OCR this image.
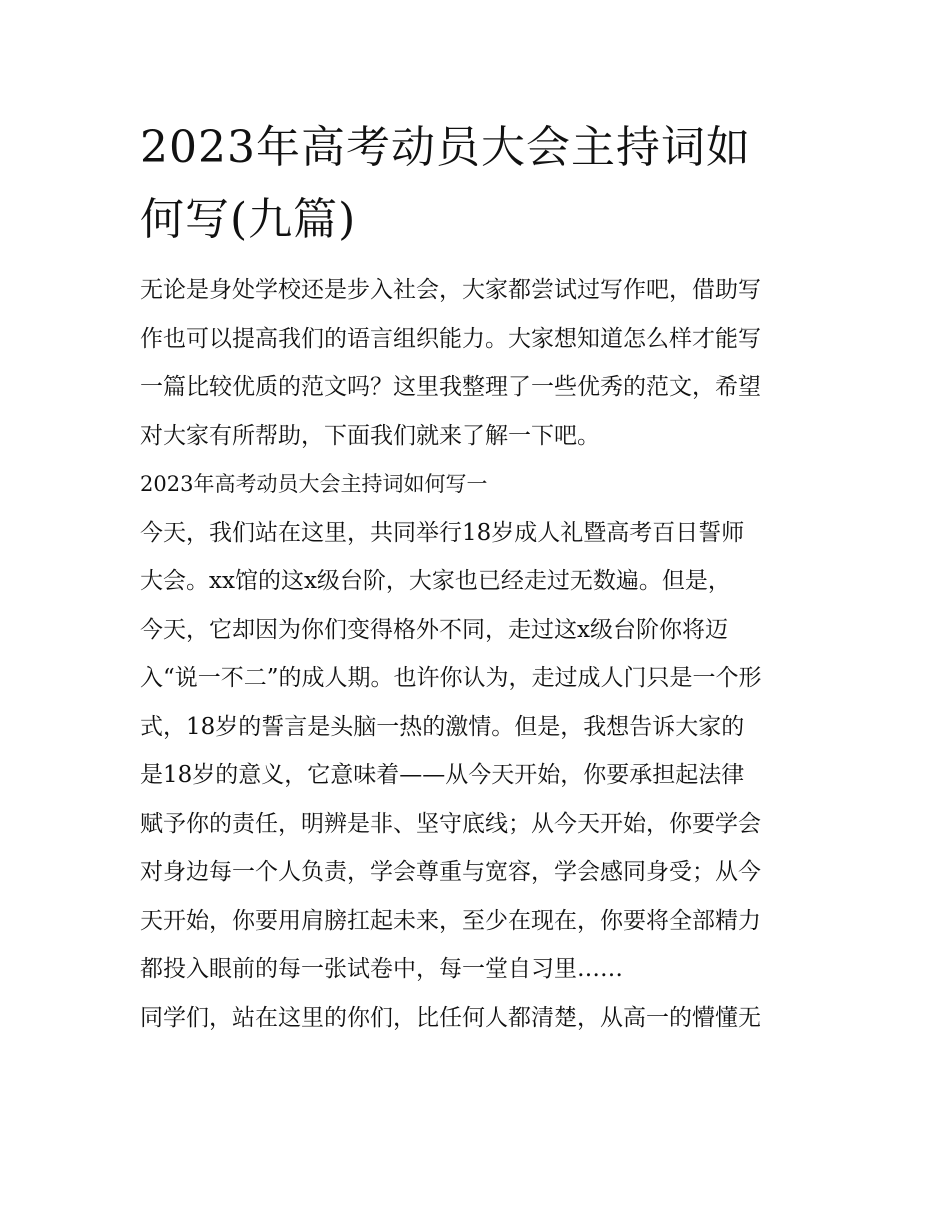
2023年高考动员大会主持词如
何写(九篇)

无论是身处学校还是步入社会，大家都尝试过写作吧，借助写
作也可以提高我们的语言组织能力。大家想知道怎么样才能写
一篇比较优质的范文吗？这里我整理了一些优秀的范文，希望
对大家有所帮助，下面我们就来了解一下吧。

2023年高考动员大会主持词如何写一

今天，我们站在这里，共同举行18岁成人礼暨高考百日誓师
大会。xx馆的这x级台阶，大家也已经走过无数遍。但是，
今天，它却因为你们变得格外不同，走过这x级台阶你将迈
入“说一不二”的成人期。也许你认为，走过成人门只是一个形
式，18岁的誓言是头脑一热的激情。但是，我想告诉大家的
是18岁的意义，它意味着——从今天开始，你要承担起法律
赋予你的责任，明辨是非、坚守底线；从今天开始，你要学会
对身边每一个人负责，学会尊重与宽容，学会感同身受；从今
天开始，你要用肩膀扛起未来，至少在现在，你要将全部精力
都投入眼前的每一张试卷中，每一堂自习里……

同学们，站在这里的你们，比任何人都清楚，从高一的懵懂无
